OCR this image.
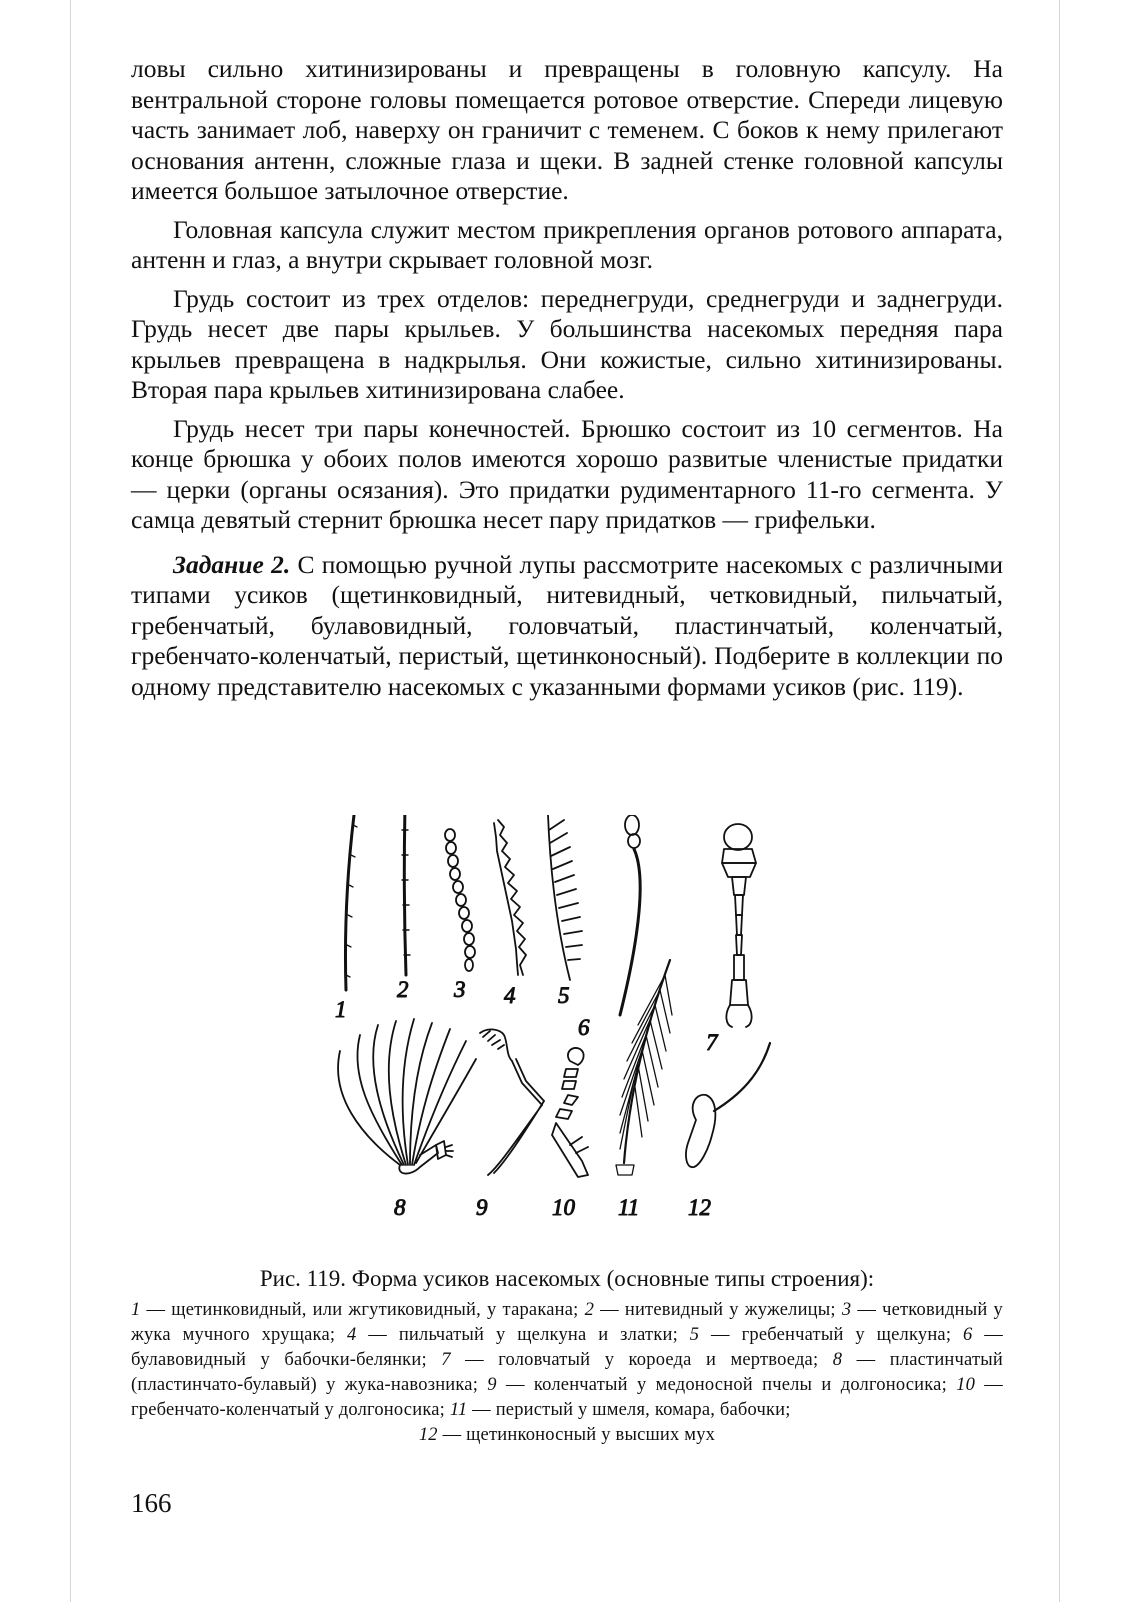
ловы сильно хитинизированы и превращены в головную капсулу. На вентральной стороне головы помещается ротовое отверстие. Спереди лицевую часть занимает лоб, наверху он граничит с теменем. С боков к нему прилегают основания антенн, сложные глаза и щеки. В задней стенке головной капсулы имеется большое затылочное отверстие.

Головная капсула служит местом прикрепления органов ротового аппарата, антенн и глаз, а внутри скрывает головной мозг.

Грудь состоит из трех отделов: переднегруди, среднегруди и заднегруди. Грудь несет две пары крыльев. У большинства насекомых передняя пара крыльев превращена в надкрылья. Они кожистые, сильно хитинизированы. Вторая пара крыльев хитинизирована слабее.

Грудь несет три пары конечностей. Брюшко состоит из 10 сегментов. На конце брюшка у обоих полов имеются хорошо развитые членистые придатки — церки (органы осязания). Это придатки рудиментарного 11-го сегмента. У самца девятый стернит брюшка несет пару придатков — грифельки.

Задание 2. С помощью ручной лупы рассмотрите насекомых с различными типами усиков (щетинковидный, нитевидный, четковидный, пильчатый, гребенчатый, булавовидный, головчатый, пластинчатый, коленчатый, гребенчато-коленчатый, перистый, щетинконосный). Подберите в коллекции по одному представителю насекомых с указанными формами усиков (рис. 119).

1
2 3 4 5
6
7
8	9	10 11 12
Рис. 119. Форма усиков насекомых (основные типы строения):
1 — щетинковидный, или жгутиковидный, у таракана; 2 — нитевидный у жужелицы; 3 — четковидный у жука мучного хрущака; 4 — пильчатый у щелкуна и златки; 5 — гребенчатый у щелкуна; 6 — булавовидный у бабочки-белянки; 7 — головчатый у короеда и мертвоеда; 8 — пластинчатый (пластинчато-булавый) у жука-навозника; 9 — коленчатый у медоносной пчелы и долгоносика; 10 — гребенчато-коленчатый у долгоносика; 11 — перистый у шмеля, комара, бабочки;
12 — щетинконосный у высших мух
166
